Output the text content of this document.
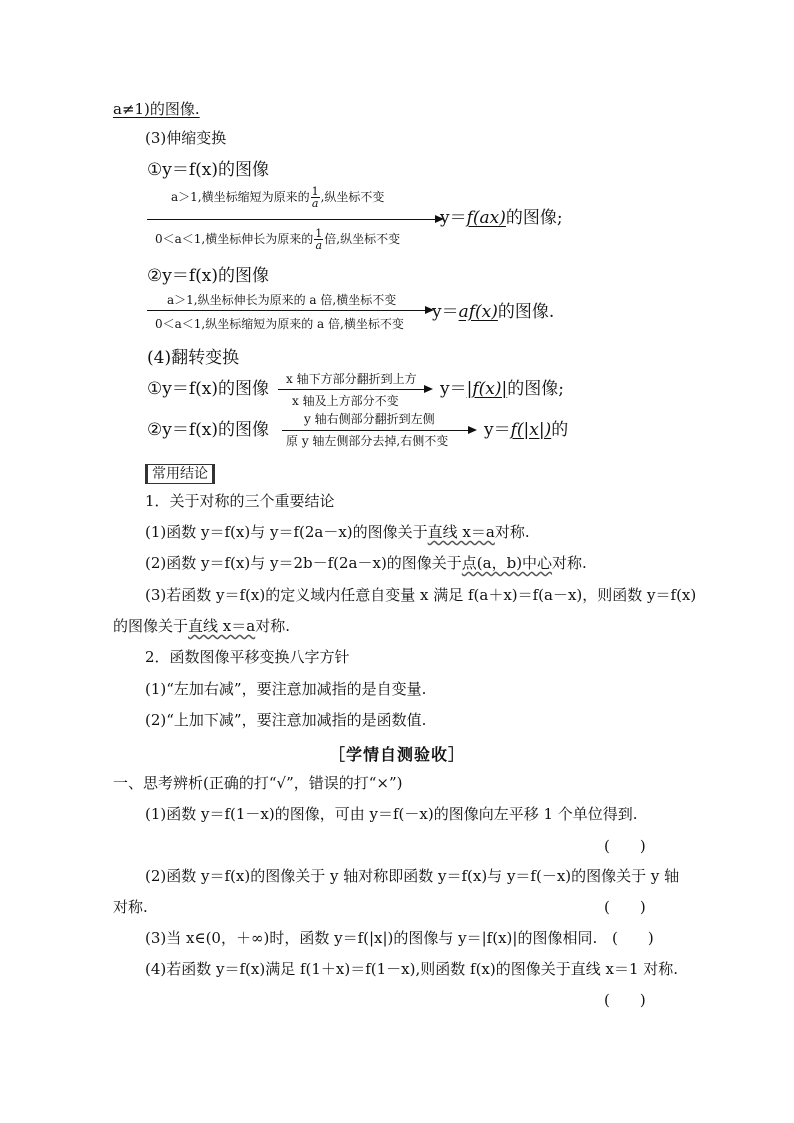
a≠1)的图像.
(3)伸缩变换
①y＝f(x)的图像
a＞1,横坐标缩短为原来的 $\frac{1}{a}$ ,纵坐标不变
0＜a＜1,横坐标伸长为原来的 $\frac{1}{a}$ 倍,纵坐标不变
y＝f(ax)的图像;
②y＝f(x)的图像
a＞1,纵坐标伸长为原来的 a 倍,横坐标不变
0＜a＜1,纵坐标缩短为原来的 a 倍,横坐标不变
y＝af(x)的图像.
(4)翻转变换
①y＝f(x)的图像 x 轴下方部分翻折到上方
x 轴及上方部分不变
y＝|f(x)|的图像;
②y＝f(x)的图像
y 轴右侧部分翻折到左侧
原 y 轴左侧部分去掉,右侧不变
y＝f(|x|)的
常用结论
1．关于对称的三个重要结论
(1)函数 y＝f(x)与 y＝f(2a－x)的图像关于直线 x＝a对称.
(2)函数 y＝f(x)与 y＝2b－f(2a－x)的图像关于点(a，b)中心对称.
(3)若函数 y＝f(x)的定义域内任意自变量 x 满足 f(a＋x)＝f(a－x)，则函数 y＝f(x)
的图像关于直线 x＝a对称.
2．函数图像平移变换八字方针
(1)“左加右减”，要注意加减指的是自变量.
(2)“上加下减”，要注意加减指的是函数值.
［学情自测验收］
一、思考辨析(正确的打“√”，错误的打“×”)
(1)函数 y＝f(1－x)的图像，可由 y＝f(－x)的图像向左平移 1 个单位得到.
(　　)
(2)函数 y＝f(x)的图像关于 y 轴对称即函数 y＝f(x)与 y＝f(－x)的图像关于 y 轴
对称.	(　　)
(3)当 x∈(0，＋∞)时，函数 y＝f(|x|)的图像与 y＝|f(x)|的图像相同. (　　)
(4)若函数 y＝f(x)满足 f(1＋x)＝f(1－x),则函数 f(x)的图像关于直线 x＝1 对称.
(　　)
